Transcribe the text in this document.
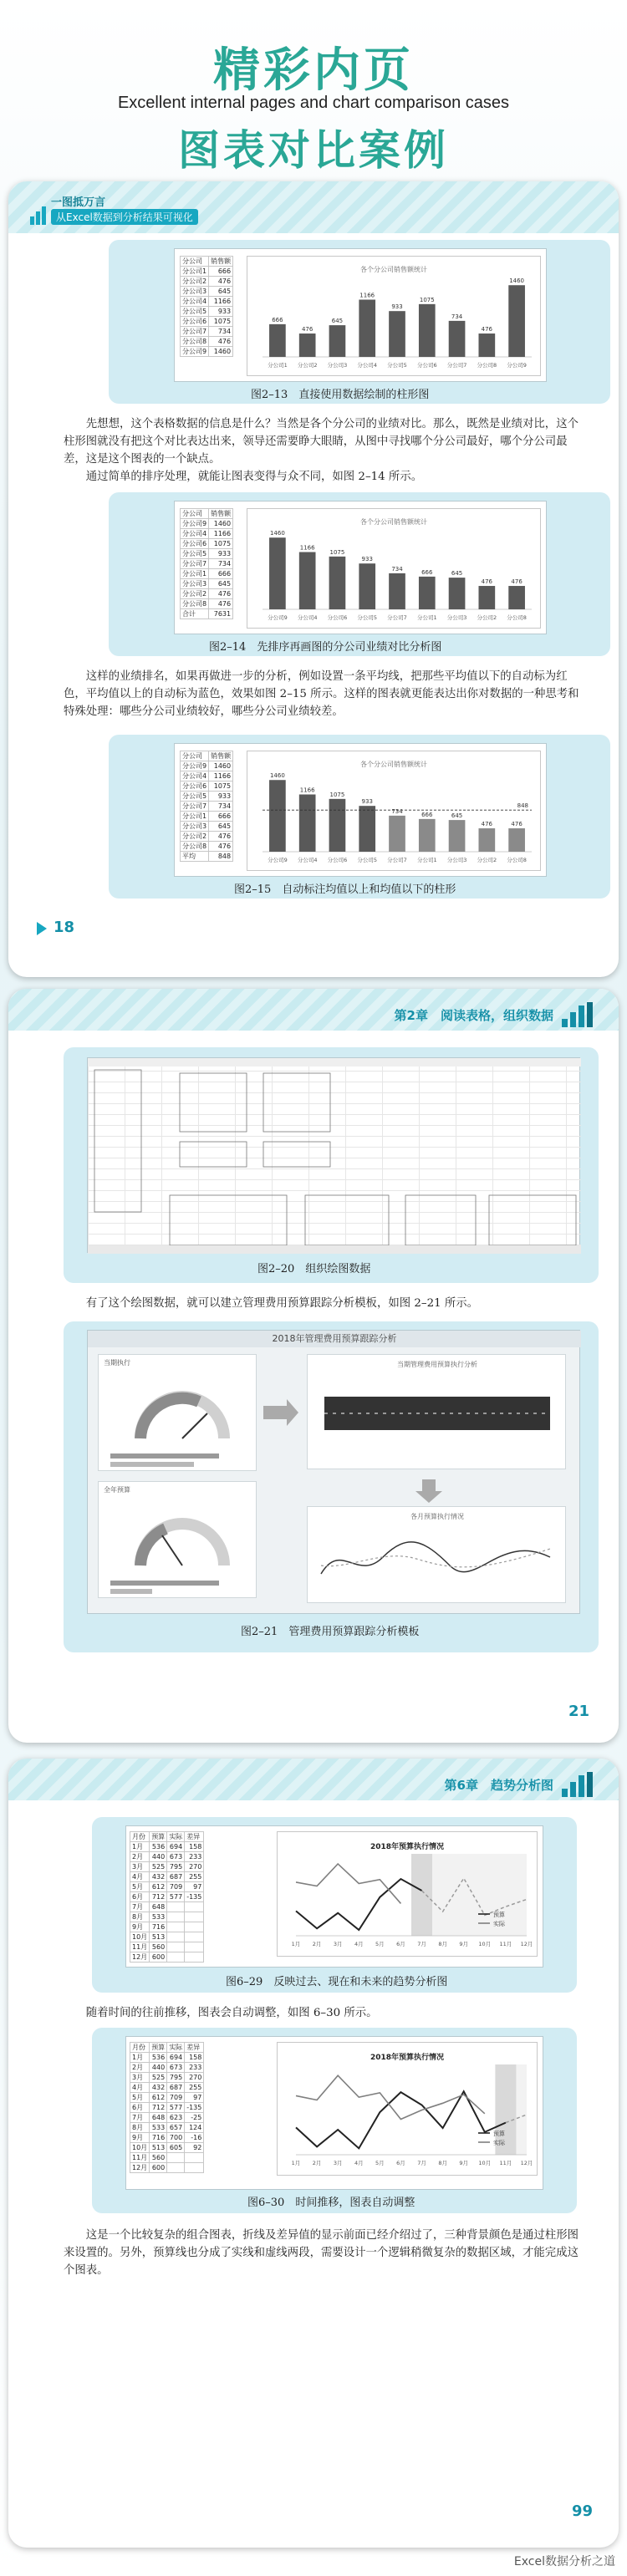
精彩内页
Excellent internal pages and chart comparison cases
图表对比案例
一图抵万言
从Excel数据到分析结果可视化
分公司	销售额
分公司1	666
分公司2	476
分公司3	645
分公司4	1166
分公司5	933
分公司6	1075
分公司7	734
分公司8	476
分公司9	1460
各个分公司销售额统计
666
分公司1
476
分公司2
645
分公司3
1166
分公司4
933
分公司5
1075
分公司6
734
分公司7
476
分公司8
1460
分公司9
图2–13　直接使用数据绘制的柱形图
先想想，这个表格数据的信息是什么？当然是各个分公司的业绩对比。那么，既然是业绩对比，这个柱形图就没有把这个对比表达出来，领导还需要睁大眼睛，从图中寻找哪个分公司最好，哪个分公司最差，这是这个图表的一个缺点。
通过简单的排序处理，就能让图表变得与众不同，如图 2–14 所示。
分公司	销售额
分公司9	1460
分公司4	1166
分公司6	1075
分公司5	933
分公司7	734
分公司1	666
分公司3	645
分公司2	476
分公司8	476
合计	7631
各个分公司销售额统计
1460
分公司9
1166
分公司4
1075
分公司6
933
分公司5
734
分公司7
666
分公司1
645
分公司3
476
分公司2
476
分公司8
图2–14　先排序再画图的分公司业绩对比分析图
这样的业绩排名，如果再做进一步的分析，例如设置一条平均线，把那些平均值以下的自动标为红色，平均值以上的自动标为蓝色，效果如图 2–15 所示。这样的图表就更能表达出你对数据的一种思考和特殊处理：哪些分公司业绩较好，哪些分公司业绩较差。
分公司	销售额
分公司9	1460
分公司4	1166
分公司6	1075
分公司5	933
分公司7	734
分公司1	666
分公司3	645
分公司2	476
分公司8	476
平均	848
各个分公司销售额统计
1460
分公司9
1166
分公司4
1075
分公司6
933
分公司5
734
分公司7
666
分公司1
645
分公司3
476
分公司2
476
分公司8
848
图2–15　自动标注均值以上和均值以下的柱形
18
第2章　阅读表格，组织数据
图2–20　组织绘图数据
有了这个绘图数据，就可以建立管理费用预算跟踪分析模板，如图 2–21 所示。
2018年管理费用预算跟踪分析
当期执行
全年预算
当期管理费用预算执行分析
各月预算执行情况
图2–21　管理费用预算跟踪分析模板
21
第6章　趋势分析图
月份	预算	实际	差异
1月	536	694	158
2月	440	673	233
3月	525	795	270
4月	432	687	255
5月	612	709	97
6月	712	577	-135
7月	648		
8月	533		
9月	716		
10月	513		
11月	560		
12月	600		
2018年预算执行情况
1月 2月 3月 4月 5月 6月 7月 8月 9月 10月 11月 12月
预算
实际
图6–29　反映过去、现在和未来的趋势分析图
随着时间的往前推移，图表会自动调整，如图 6–30 所示。
月份	预算	实际	差异
1月	536	694	158
2月	440	673	233
3月	525	795	270
4月	432	687	255
5月	612	709	97
6月	712	577	-135
7月	648	623	-25
8月	533	657	124
9月	716	700	-16
10月	513	605	92
11月	560		
12月	600		
2018年预算执行情况
1月 2月 3月 4月 5月 6月 7月 8月 9月 10月 11月 12月
预算
实际
图6–30　时间推移，图表自动调整
这是一个比较复杂的组合图表，折线及差异值的显示前面已经介绍过了，三种背景颜色是通过柱形图来设置的。另外，预算线也分成了实线和虚线两段，需要设计一个逻辑稍微复杂的数据区域，才能完成这个图表。
99
Excel数据分析之道
